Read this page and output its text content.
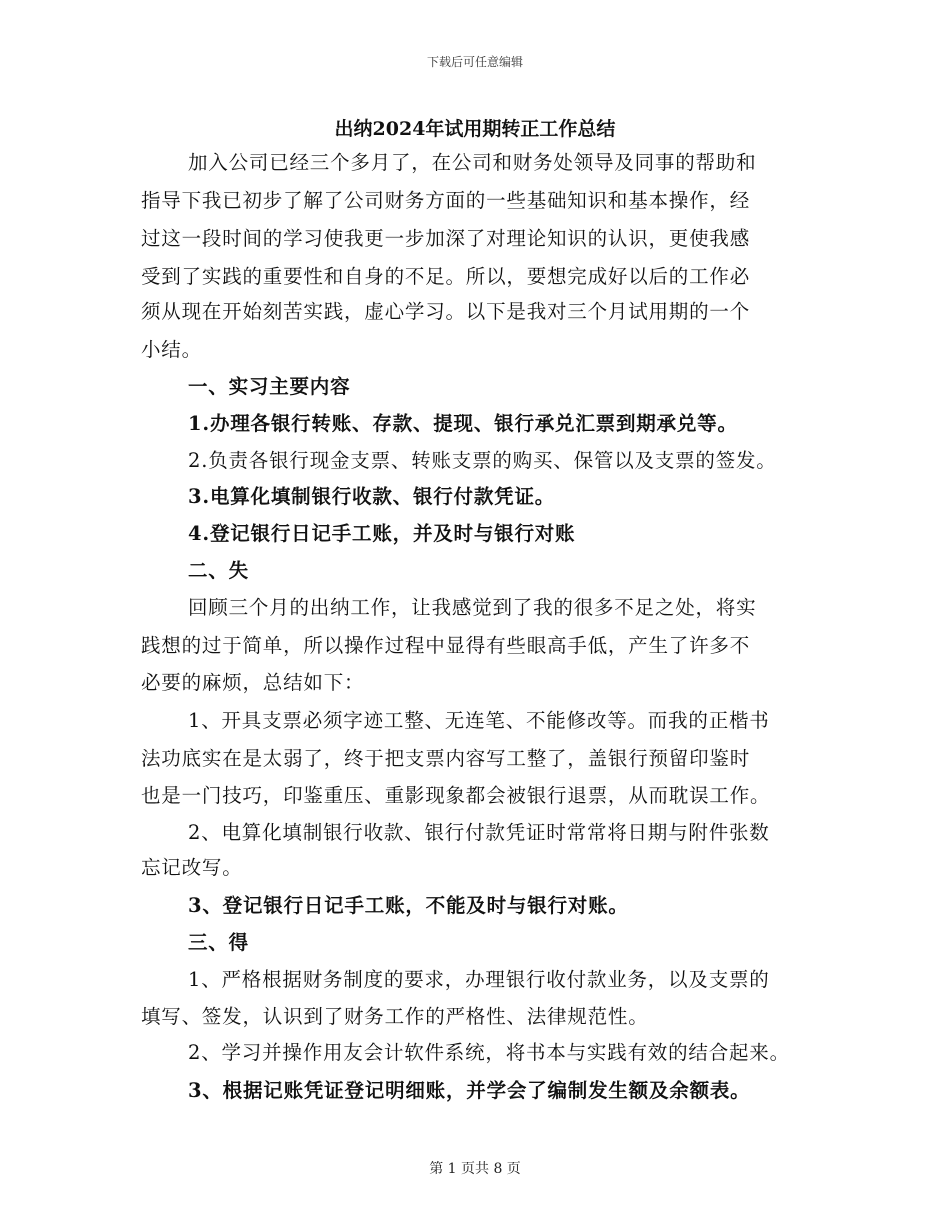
下载后可任意编辑
出纳2024年试用期转正工作总结
加入公司已经三个多月了，在公司和财务处领导及同事的帮助和
指导下我已初步了解了公司财务方面的一些基础知识和基本操作，经
过这一段时间的学习使我更一步加深了对理论知识的认识，更使我感
受到了实践的重要性和自身的不足。所以，要想完成好以后的工作必
须从现在开始刻苦实践，虚心学习。以下是我对三个月试用期的一个
小结。
一、实习主要内容
1.办理各银行转账、存款、提现、银行承兑汇票到期承兑等。
2.负责各银行现金支票、转账支票的购买、保管以及支票的签发。
3.电算化填制银行收款、银行付款凭证。
4.登记银行日记手工账，并及时与银行对账
二、失
回顾三个月的出纳工作，让我感觉到了我的很多不足之处，将实
践想的过于简单，所以操作过程中显得有些眼高手低，产生了许多不
必要的麻烦，总结如下：
1、开具支票必须字迹工整、无连笔、不能修改等。而我的正楷书
法功底实在是太弱了，终于把支票内容写工整了，盖银行预留印鉴时
也是一门技巧，印鉴重压、重影现象都会被银行退票，从而耽误工作。
2、电算化填制银行收款、银行付款凭证时常常将日期与附件张数
忘记改写。
3、登记银行日记手工账，不能及时与银行对账。
三、得
1、严格根据财务制度的要求，办理银行收付款业务，以及支票的
填写、签发，认识到了财务工作的严格性、法律规范性。
2、学习并操作用友会计软件系统，将书本与实践有效的结合起来。
3、根据记账凭证登记明细账，并学会了编制发生额及余额表。
第 1 页共 8 页
